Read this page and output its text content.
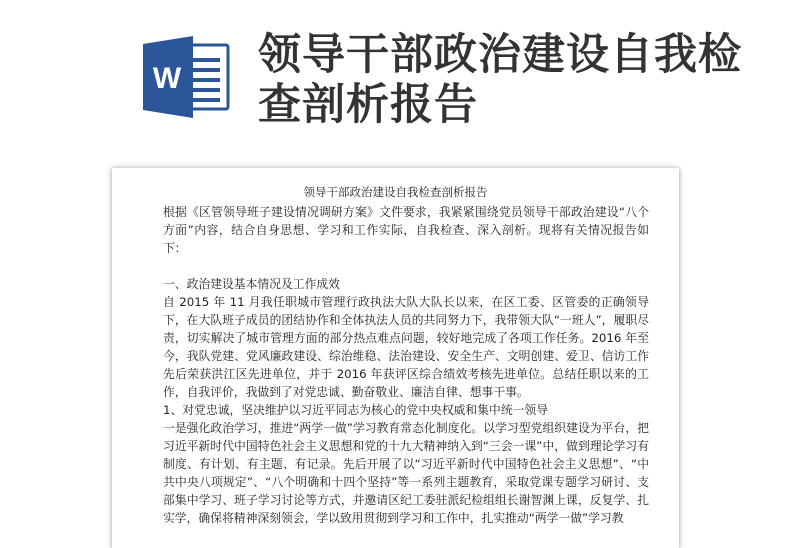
W 领导干部政治建设自我检查剖析报告
领导干部政治建设自我检查剖析报告

根据《区管领导班子建设情况调研方案》文件要求，我紧紧围绕党员领导干部政治建设“八个方面”内容，结合自身思想、学习和工作实际，自我检查、深入剖析。现将有关情况报告如下：

一、政治建设基本情况及工作成效

自 2015 年 11 月我任职城市管理行政执法大队大队长以来，在区工委、区管委的正确领导下，在大队班子成员的团结协作和全体执法人员的共同努力下，我带领大队“一班人”，履职尽责，切实解决了城市管理方面的部分热点难点问题，较好地完成了各项工作任务。2016 年至今，我队党建、党风廉政建设、综治维稳、法治建设、安全生产、文明创建、爱卫、信访工作先后荣获洪江区先进单位，并于 2016 年获评区综合绩效考核先进单位。总结任职以来的工作，自我评价，我做到了对党忠诚、勤奋敬业、廉洁自律、想事干事。

1、对党忠诚，坚决维护以习近平同志为核心的党中央权威和集中统一领导

一是强化政治学习，推进“两学一做”学习教育常态化制度化。以学习型党组织建设为平台，把习近平新时代中国特色社会主义思想和党的十九大精神纳入到“三会一课”中，做到理论学习有制度、有计划、有主题、有记录。先后开展了以“习近平新时代中国特色社会主义思想”、“中共中央八项规定”、“八个明确和十四个坚持”等一系列主题教育，采取党课专题学习研讨、支部集中学习、班子学习讨论等方式，并邀请区纪工委驻派纪检组组长谢智渊上课，反复学、扎实学，确保将精神深刻领会，学以致用贯彻到学习和工作中，扎实推动“两学一做”学习教
